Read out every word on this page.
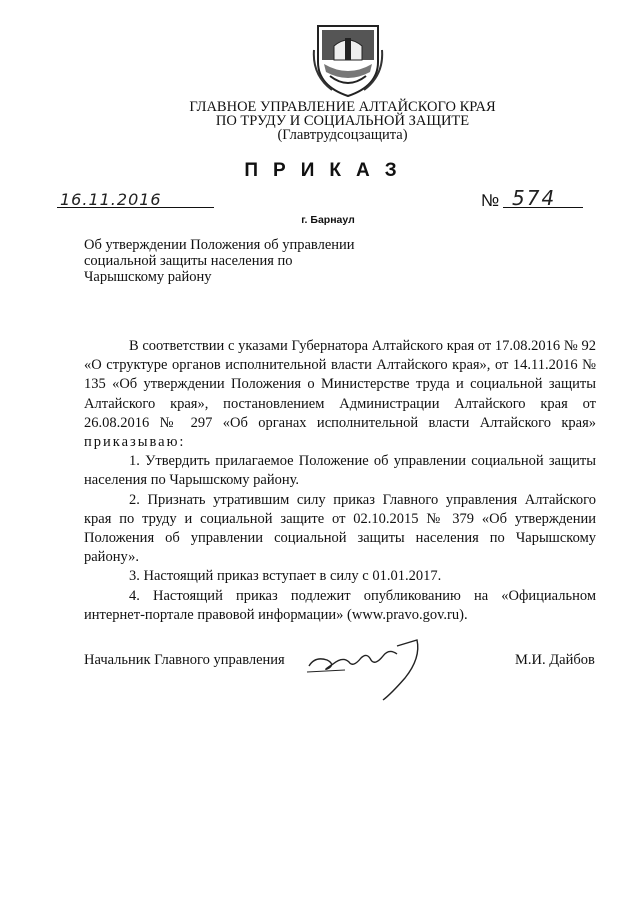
ГЛАВНОЕ УПРАВЛЕНИЕ АЛТАЙСКОГО КРАЯ
ПО ТРУДУ И СОЦИАЛЬНОЙ ЗАЩИТЕ
(Главтрудсоцзащита)
ПРИКАЗ
16.11.2016	№ 574
г. Барнаул
Об утверждении Положения об управлении социальной защиты населения по Чарышскому району

В соответствии с указами Губернатора Алтайского края от 17.08.2016 № 92 «О структуре органов исполнительной власти Алтайского края», от 14.11.2016 № 135 «Об утверждении Положения о Министерстве труда и социальной защиты Алтайского края», постановлением Администрации Алтайского края от 26.08.2016 № 297 «Об органах исполнительной власти Алтайского края» приказываю:

1. Утвердить прилагаемое Положение об управлении социальной защиты населения по Чарышскому району.

2. Признать утратившим силу приказ Главного управления Алтайского края по труду и социальной защите от 02.10.2015 № 379 «Об утверждении Положения об управлении социальной защиты населения по Чарышскому району».

3. Настоящий приказ вступает в силу с 01.01.2017.

4. Настоящий приказ подлежит опубликованию на «Официальном интернет-портале правовой информации» (www.pravo.gov.ru).

Начальник Главного управления	М.И. Дайбов
